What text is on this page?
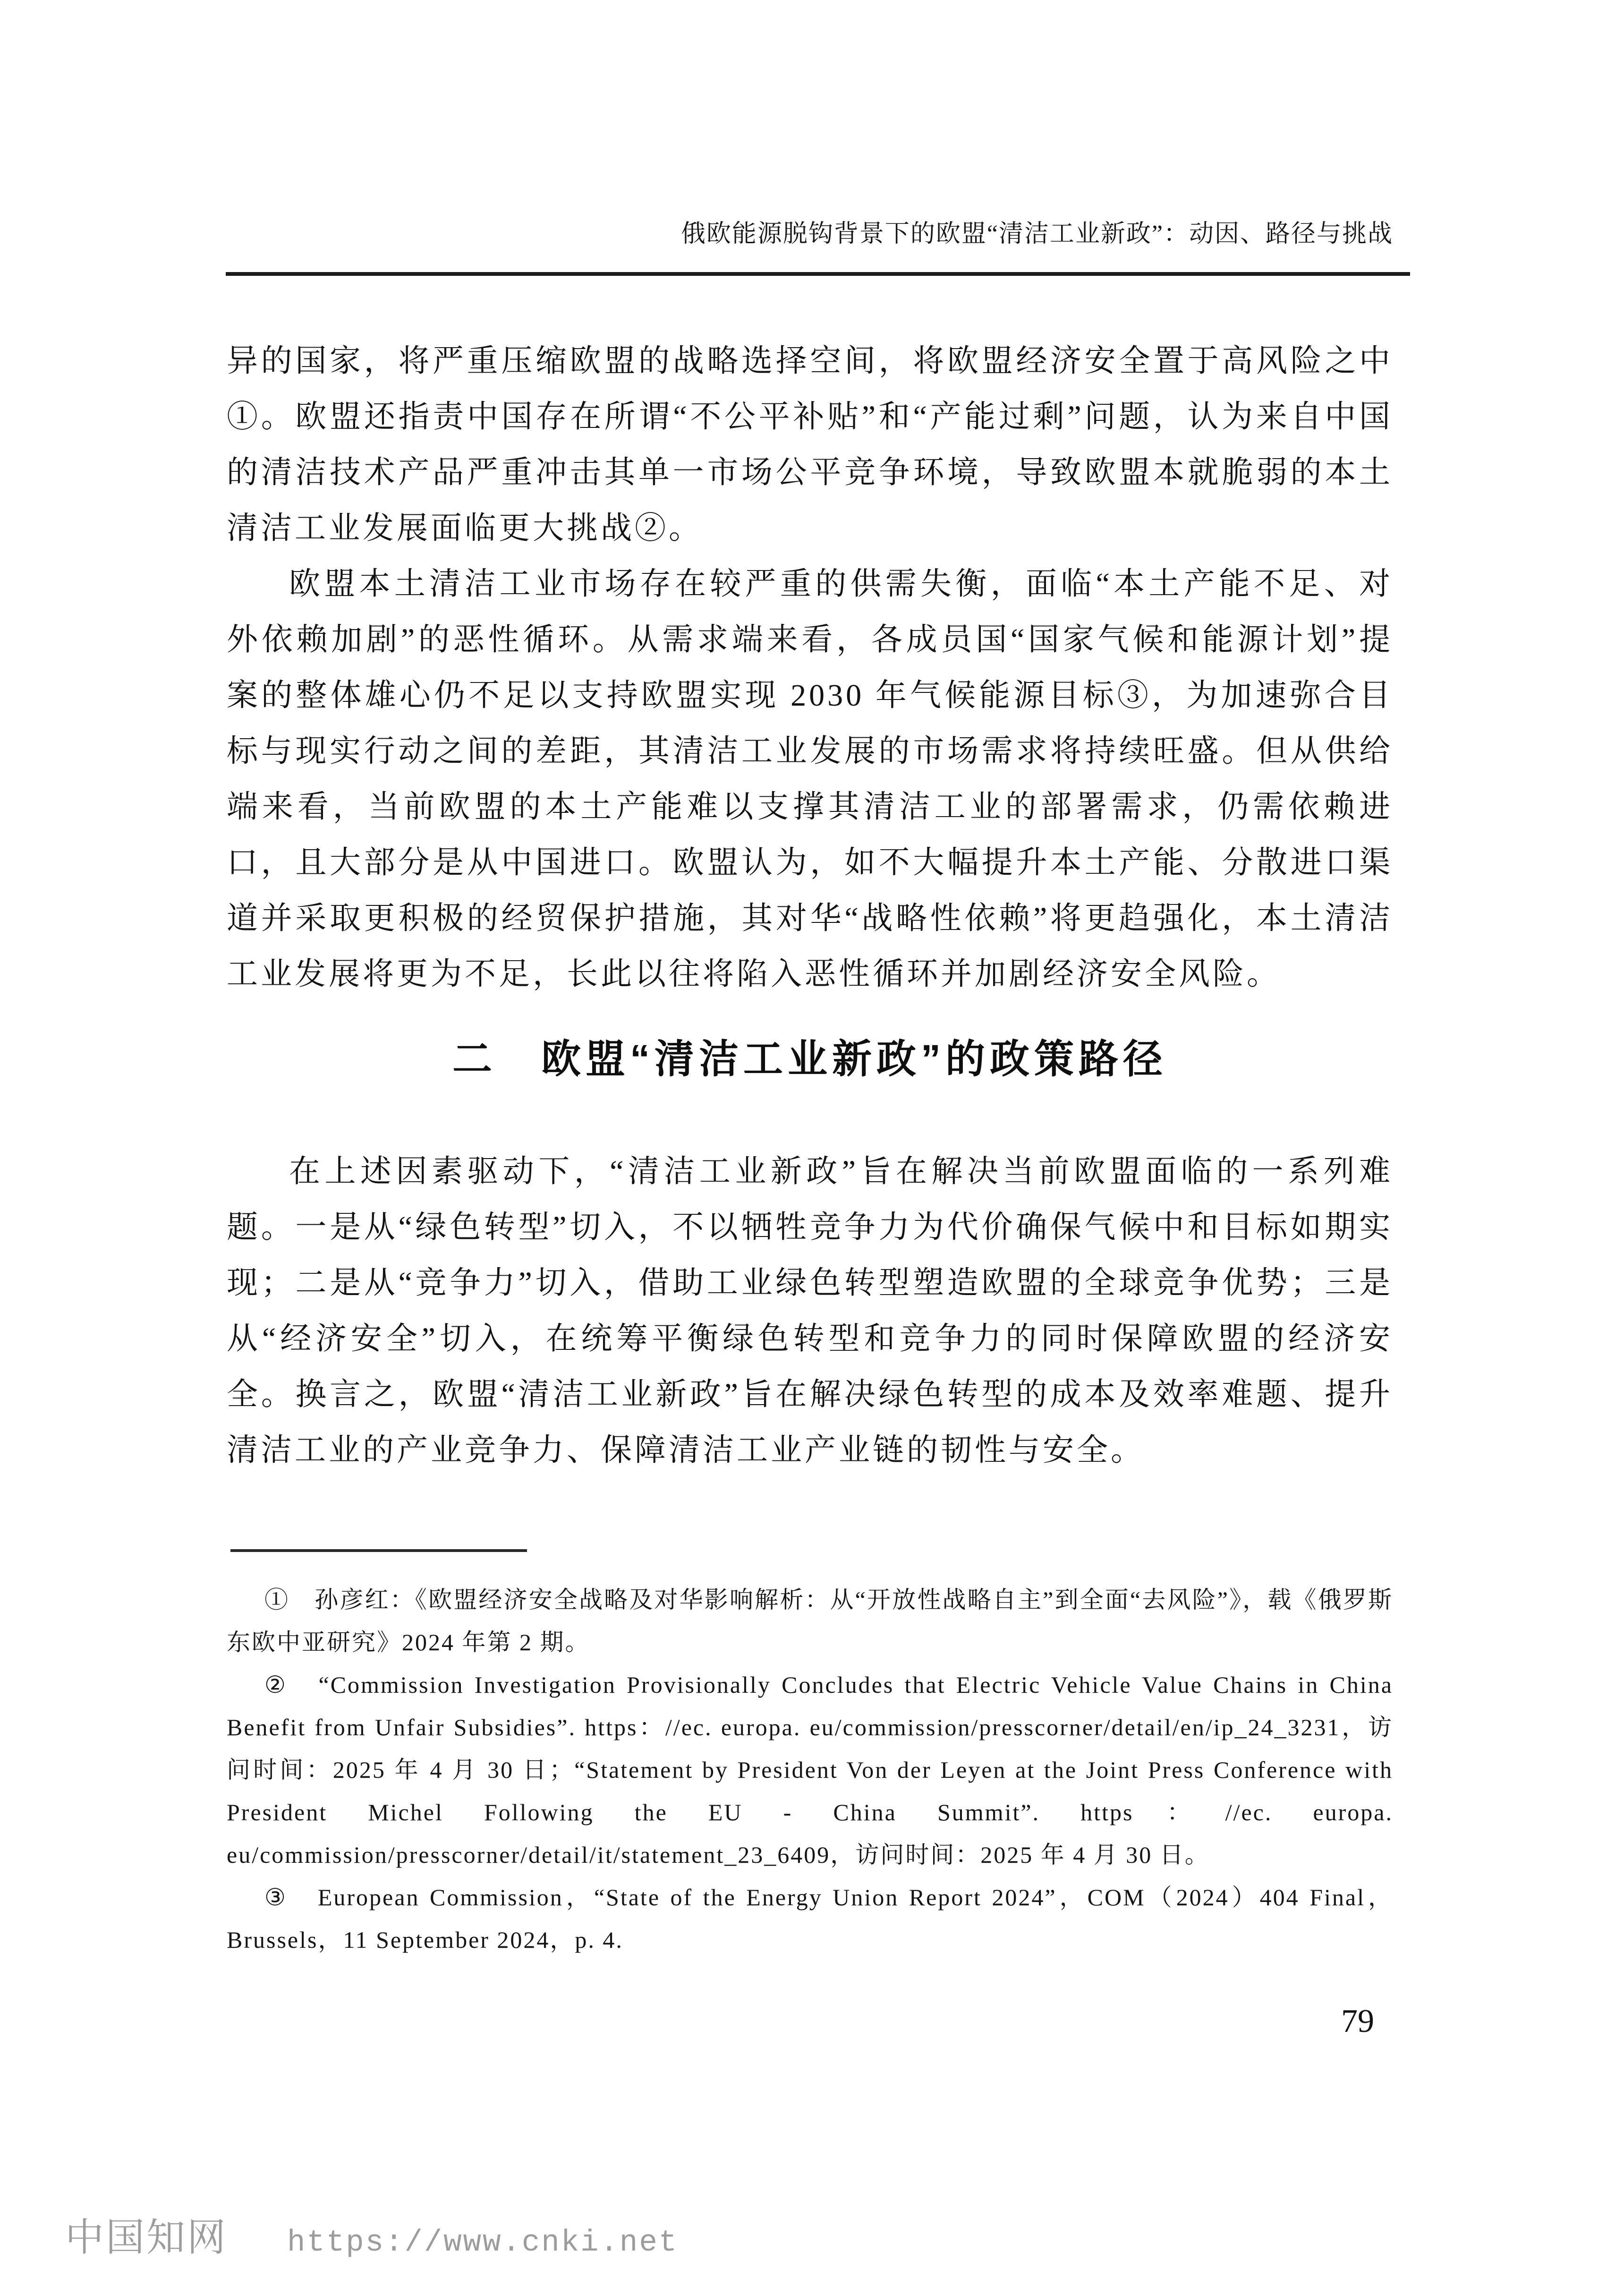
俄欧能源脱钩背景下的欧盟“清洁工业新政”：动因、路径与挑战

异的国家，将严重压缩欧盟的战略选择空间，将欧盟经济安全置于高风险之中①。欧盟还指责中国存在所谓“不公平补贴”和“产能过剩”问题，认为来自中国的清洁技术产品严重冲击其单一市场公平竞争环境，导致欧盟本就脆弱的本土清洁工业发展面临更大挑战②。

欧盟本土清洁工业市场存在较严重的供需失衡，面临“本土产能不足、对外依赖加剧”的恶性循环。从需求端来看，各成员国“国家气候和能源计划”提案的整体雄心仍不足以支持欧盟实现 2030 年气候能源目标③，为加速弥合目标与现实行动之间的差距，其清洁工业发展的市场需求将持续旺盛。但从供给端来看，当前欧盟的本土产能难以支撑其清洁工业的部署需求，仍需依赖进口，且大部分是从中国进口。欧盟认为，如不大幅提升本土产能、分散进口渠道并采取更积极的经贸保护措施，其对华“战略性依赖”将更趋强化，本土清洁工业发展将更为不足，长此以往将陷入恶性循环并加剧经济安全风险。

二　欧盟“清洁工业新政”的政策路径

在上述因素驱动下，“清洁工业新政”旨在解决当前欧盟面临的一系列难题。一是从“绿色转型”切入，不以牺牲竞争力为代价确保气候中和目标如期实现；二是从“竞争力”切入，借助工业绿色转型塑造欧盟的全球竞争优势；三是从“经济安全”切入，在统筹平衡绿色转型和竞争力的同时保障欧盟的经济安全。换言之，欧盟“清洁工业新政”旨在解决绿色转型的成本及效率难题、提升清洁工业的产业竞争力、保障清洁工业产业链的韧性与安全。

①　孙彦红：《欧盟经济安全战略及对华影响解析：从“开放性战略自主”到全面“去风险”》，载《俄罗斯东欧中亚研究》2024 年第 2 期。

②　“Commission Investigation Provisionally Concludes that Electric Vehicle Value Chains in China Benefit from Unfair Subsidies”. https：//ec. europa. eu/commission/presscorner/detail/en/ip_24_3231，访问时间：2025 年 4 月 30 日；“Statement by President Von der Leyen at the Joint Press Conference with President Michel Following the EU - China Summit”. https：//ec. europa. eu/commission/presscorner/detail/it/statement_23_6409，访问时间：2025 年 4 月 30 日。

③　European Commission，“State of the Energy Union Report 2024”，COM（2024）404 Final，Brussels，11 September 2024，p. 4.

79
中国知网 https://www.cnki.net
